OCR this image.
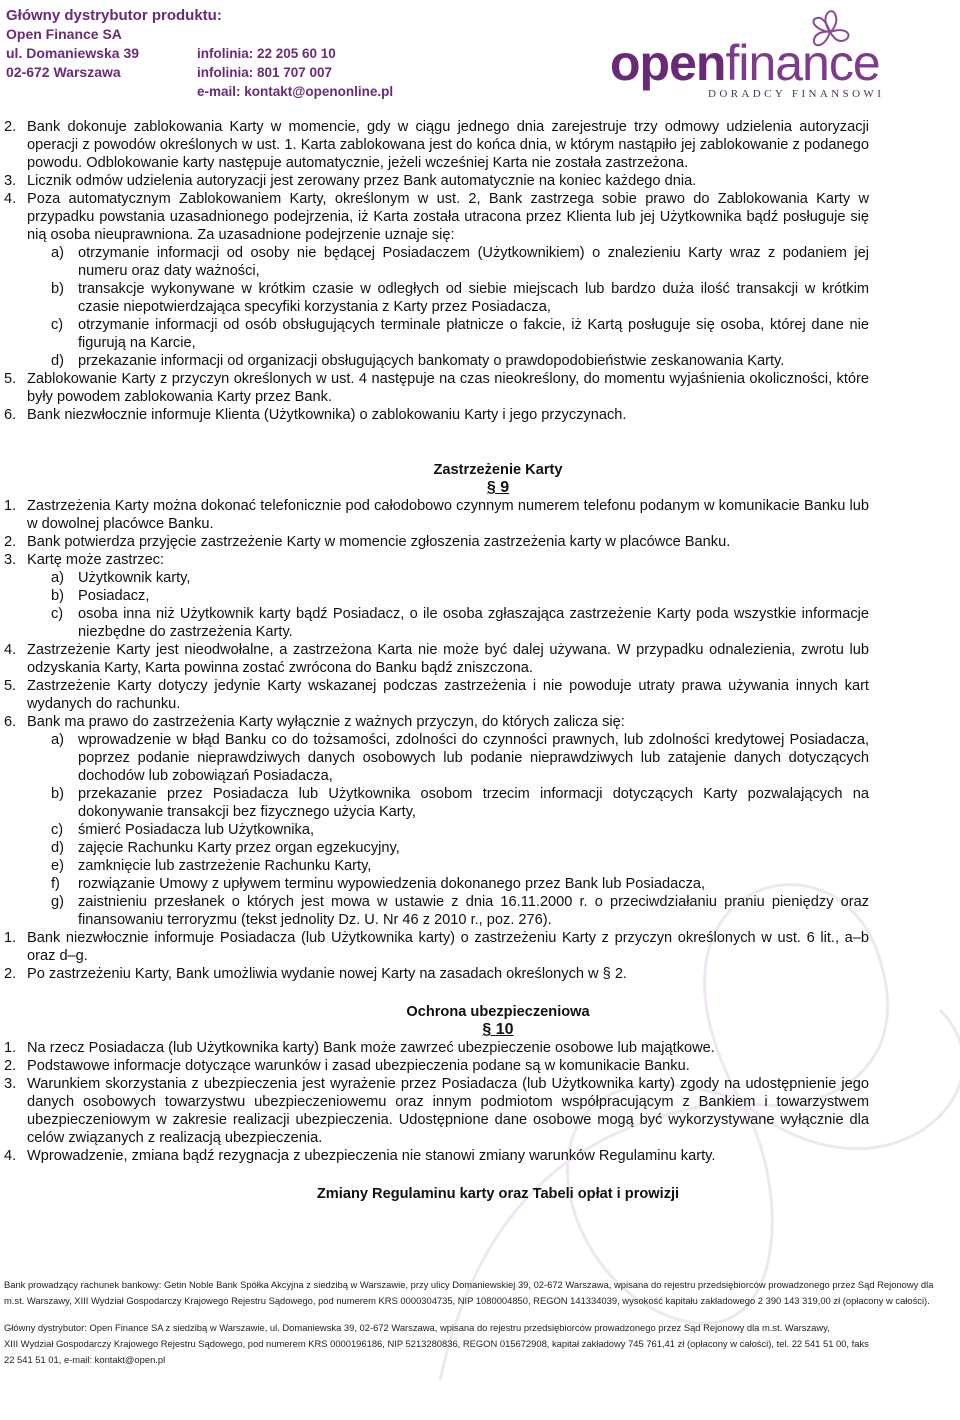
Główny dystrybutor produktu:
Open Finance SA
ul. Domaniewska 39
02-672 Warszawa
infolinia: 22 205 60 10
infolinia: 801 707 007
e-mail: kontakt@openonline.pl
openfinance
DORADCY FINANSOWI
2. Bank dokonuje zablokowania Karty w momencie, gdy w ciągu jednego dnia zarejestruje trzy odmowy udzielenia autoryzacji operacji z powodów określonych w ust. 1. Karta zablokowana jest do końca dnia, w którym nastąpiło jej zablokowanie z podanego powodu. Odblokowanie karty następuje automatycznie, jeżeli wcześniej Karta nie została zastrzeżona.
3. Licznik odmów udzielenia autoryzacji jest zerowany przez Bank automatycznie na koniec każdego dnia.
4. Poza automatycznym Zablokowaniem Karty, określonym w ust. 2, Bank zastrzega sobie prawo do Zablokowania Karty w przypadku powstania uzasadnionego podejrzenia, iż Karta została utracona przez Klienta lub jej Użytkownika bądź posługuje się nią osoba nieuprawniona. Za uzasadnione podejrzenie uznaje się:
a) otrzymanie informacji od osoby nie będącej Posiadaczem (Użytkownikiem) o znalezieniu Karty wraz z podaniem jej numeru oraz daty ważności,
b) transakcje wykonywane w krótkim czasie w odległych od siebie miejscach lub bardzo duża ilość transakcji w krótkim czasie niepotwierdzająca specyfiki korzystania z Karty przez Posiadacza,
c) otrzymanie informacji od osób obsługujących terminale płatnicze o fakcie, iż Kartą posługuje się osoba, której dane nie figurują na Karcie,
d) przekazanie informacji od organizacji obsługujących bankomaty o prawdopodobieństwie zeskanowania Karty.
5. Zablokowanie Karty z przyczyn określonych w ust. 4 następuje na czas nieokreślony, do momentu wyjaśnienia okoliczności, które były powodem zablokowania Karty przez Bank.
6. Bank niezwłocznie informuje Klienta (Użytkownika) o zablokowaniu Karty i jego przyczynach.
Zastrzeżenie Karty
§ 9
1. Zastrzeżenia Karty można dokonać telefonicznie pod całodobowo czynnym numerem telefonu podanym w komunikacie Banku lub w dowolnej placówce Banku.
2. Bank potwierdza przyjęcie zastrzeżenie Karty w momencie zgłoszenia zastrzeżenia karty w placówce Banku.
3. Kartę może zastrzec:
a) Użytkownik karty,
b) Posiadacz,
c) osoba inna niż Użytkownik karty bądź Posiadacz, o ile osoba zgłaszająca zastrzeżenie Karty poda wszystkie informacje niezbędne do zastrzeżenia Karty.
4. Zastrzeżenie Karty jest nieodwołalne, a zastrzeżona Karta nie może być dalej używana. W przypadku odnalezienia, zwrotu lub odzyskania Karty, Karta powinna zostać zwrócona do Banku bądź zniszczona.
5. Zastrzeżenie Karty dotyczy jedynie Karty wskazanej podczas zastrzeżenia i nie powoduje utraty prawa używania innych kart wydanych do rachunku.
6. Bank ma prawo do zastrzeżenia Karty wyłącznie z ważnych przyczyn, do których zalicza się:
a) wprowadzenie w błąd Banku co do tożsamości, zdolności do czynności prawnych, lub zdolności kredytowej Posiadacza, poprzez podanie nieprawdziwych danych osobowych lub podanie nieprawdziwych lub zatajenie danych dotyczących dochodów lub zobowiązań Posiadacza,
b) przekazanie przez Posiadacza lub Użytkownika osobom trzecim informacji dotyczących Karty pozwalających na dokonywanie transakcji bez fizycznego użycia Karty,
c) śmierć Posiadacza lub Użytkownika,
d) zajęcie Rachunku Karty przez organ egzekucyjny,
e) zamknięcie lub zastrzeżenie Rachunku Karty,
f) rozwiązanie Umowy z upływem terminu wypowiedzenia dokonanego przez Bank lub Posiadacza,
g) zaistnieniu przesłanek o których jest mowa w ustawie z dnia 16.11.2000 r. o przeciwdziałaniu praniu pieniędzy oraz finansowaniu terroryzmu (tekst jednolity Dz. U. Nr 46 z 2010 r., poz. 276).
1. Bank niezwłocznie informuje Posiadacza (lub Użytkownika karty) o zastrzeżeniu Karty z przyczyn określonych w ust. 6 lit., a–b oraz d–g.
2. Po zastrzeżeniu Karty, Bank umożliwia wydanie nowej Karty na zasadach określonych w § 2.
Ochrona ubezpieczeniowa
§ 10
1. Na rzecz Posiadacza (lub Użytkownika karty) Bank może zawrzeć ubezpieczenie osobowe lub majątkowe.
2. Podstawowe informacje dotyczące warunków i zasad ubezpieczenia podane są w komunikacie Banku.
3. Warunkiem skorzystania z ubezpieczenia jest wyrażenie przez Posiadacza (lub Użytkownika karty) zgody na udostępnienie jego danych osobowych towarzystwu ubezpieczeniowemu oraz innym podmiotom współpracującym z Bankiem i towarzystwem ubezpieczeniowym w zakresie realizacji ubezpieczenia. Udostępnione dane osobowe mogą być wykorzystywane wyłącznie dla celów związanych z realizacją ubezpieczenia.
4. Wprowadzenie, zmiana bądź rezygnacja z ubezpieczenia nie stanowi zmiany warunków Regulaminu karty.
Zmiany Regulaminu karty oraz Tabeli opłat i prowizji
Bank prowadzący rachunek bankowy: Getin Noble Bank Spółka Akcyjna z siedzibą w Warszawie, przy ulicy Domaniewskiej 39, 02-672 Warszawa, wpisana do rejestru przedsiębiorców prowadzonego przez Sąd Rejonowy dla
m.st. Warszawy, XIII Wydział Gospodarczy Krajowego Rejestru Sądowego, pod numerem KRS 0000304735, NIP 1080004850, REGON 141334039, wysokość kapitału zakładowego 2 390 143 319,00 zł (opłacony w całości).
Główny dystrybutor: Open Finance SA z siedzibą w Warszawie, ul. Domaniewska 39, 02-672 Warszawa, wpisana do rejestru przedsiębiorców prowadzonego przez Sąd Rejonowy dla m.st. Warszawy,
XIII Wydział Gospodarczy Krajowego Rejestru Sądowego, pod numerem KRS 0000196186, NIP 5213280836, REGON 015672908, kapitał zakładowy 745 761,41 zł (opłacony w całości), tel. 22 541 51 00, faks
22 541 51 01, e-mail: kontakt@open.pl
